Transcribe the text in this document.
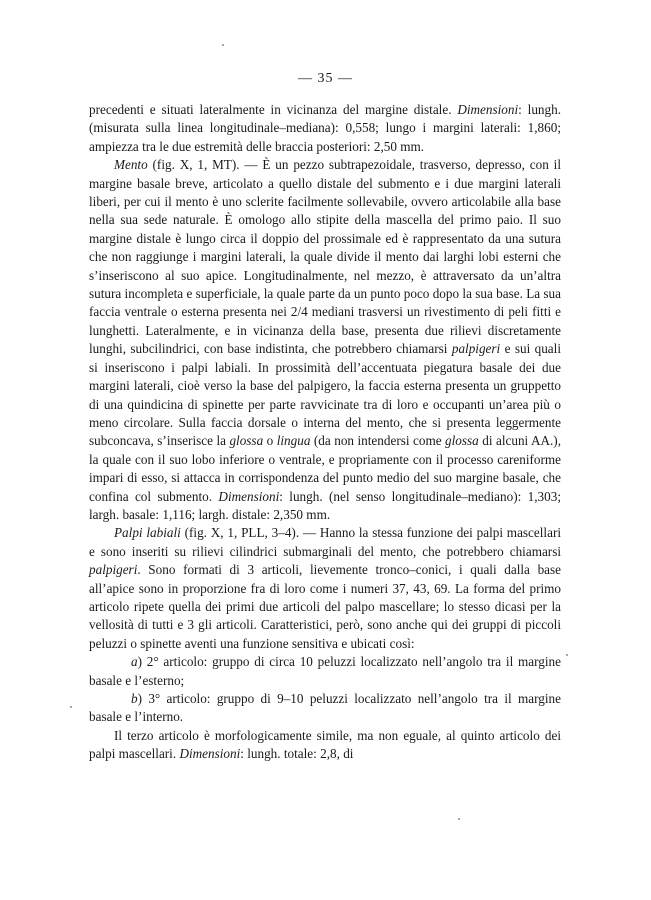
— 35 —

precedenti e situati lateralmente in vicinanza del margine distale. Dimensioni: lungh. (misurata sulla linea longitudinale–mediana): 0,558; lungo i margini laterali: 1,860; ampiezza tra le due estremità delle braccia posteriori: 2,50 mm.

Mento (fig. X, 1, MT). — È un pezzo subtrapezoidale, trasverso, depresso, con il margine basale breve, articolato a quello distale del submento e i due margini laterali liberi, per cui il mento è uno sclerite facilmente sollevabile, ovvero articolabile alla base nella sua sede naturale. È omologo allo stipite della mascella del primo paio. Il suo margine distale è lungo circa il doppio del prossimale ed è rappresentato da una sutura che non raggiunge i margini laterali, la quale divide il mento dai larghi lobi esterni che s’inseriscono al suo apice. Longitudinalmente, nel mezzo, è attraversato da un’altra sutura incompleta e superficiale, la quale parte da un punto poco dopo la sua base. La sua faccia ventrale o esterna presenta nei 2/4 mediani trasversi un rivestimento di peli fitti e lunghetti. Lateralmente, e in vicinanza della base, presenta due rilievi discretamente lunghi, subcilindrici, con base indistinta, che potrebbero chiamarsi palpigeri e sui quali si inseriscono i palpi labiali. In prossimità dell’accentuata piegatura basale dei due margini laterali, cioè verso la base del palpigero, la faccia esterna presenta un gruppetto di una quindicina di spinette per parte ravvicinate tra di loro e occupanti un’area più o meno circolare. Sulla faccia dorsale o interna del mento, che si presenta leggermente subconcava, s’inserisce la glossa o lingua (da non intendersi come glossa di alcuni AA.), la quale con il suo lobo inferiore o ventrale, e propriamente con il processo careniforme impari di esso, si attacca in corrispondenza del punto medio del suo margine basale, che confina col submento. Dimensioni: lungh. (nel senso longitudinale–mediano): 1,303; largh. basale: 1,116; largh. distale: 2,350 mm.

Palpi labiali (fig. X, 1, PLL, 3–4). — Hanno la stessa funzione dei palpi mascellari e sono inseriti su rilievi cilindrici submarginali del mento, che potrebbero chiamarsi palpigeri. Sono formati di 3 articoli, lievemente tronco–conici, i quali dalla base all’apice sono in proporzione fra di loro come i numeri 37, 43, 69. La forma del primo articolo ripete quella dei primi due articoli del palpo mascellare; lo stesso dicasi per la vellosità di tutti e 3 gli articoli. Caratteristici, però, sono anche qui dei gruppi di piccoli peluzzi o spinette aventi una funzione sensitiva e ubicati così:

a) 2° articolo: gruppo di circa 10 peluzzi localizzato nell’angolo tra il margine basale e l’esterno;

b) 3° articolo: gruppo di 9–10 peluzzi localizzato nell’angolo tra il margine basale e l’interno.

Il terzo articolo è morfologicamente simile, ma non eguale, al quinto articolo dei palpi mascellari. Dimensioni: lungh. totale: 2,8, di
